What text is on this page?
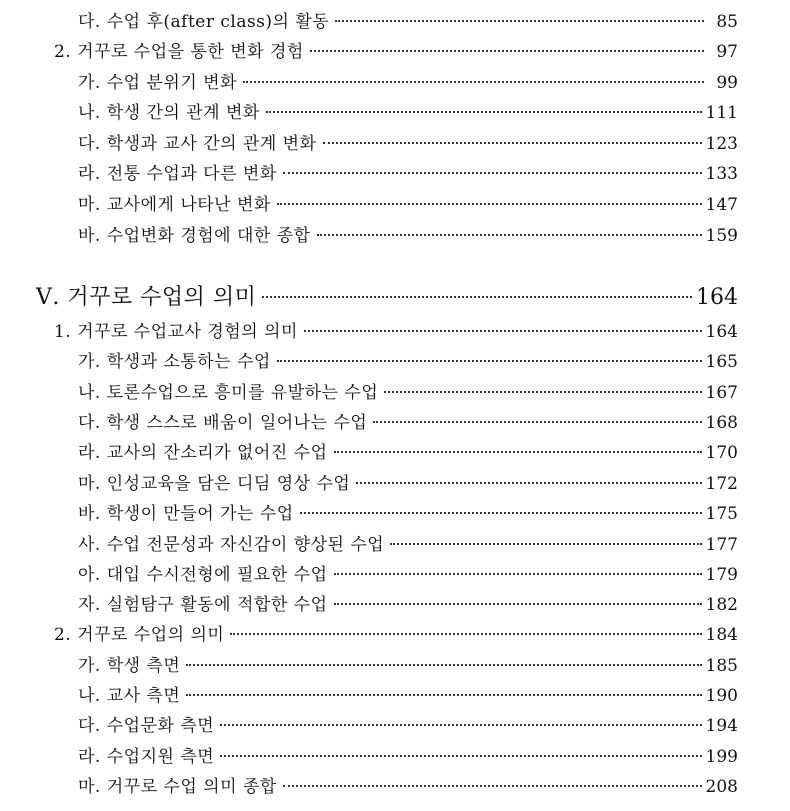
다. 수업 후(after class)의 활동	85
2. 거꾸로 수업을 통한 변화 경험	97
가. 수업 분위기 변화	99
나. 학생 간의 관계 변화	111
다. 학생과 교사 간의 관계 변화	123
라. 전통 수업과 다른 변화	133
마. 교사에게 나타난 변화	147
바. 수업변화 경험에 대한 종합	159
Ⅴ. 거꾸로 수업의 의미	164
1. 거꾸로 수업교사 경험의 의미	164
가. 학생과 소통하는 수업	165
나. 토론수업으로 흥미를 유발하는 수업	167
다. 학생 스스로 배움이 일어나는 수업	168
라. 교사의 잔소리가 없어진 수업	170
마. 인성교육을 담은 디딤 영상 수업	172
바. 학생이 만들어 가는 수업	175
사. 수업 전문성과 자신감이 향상된 수업	177
아. 대입 수시전형에 필요한 수업	179
자. 실험탐구 활동에 적합한 수업	182
2. 거꾸로 수업의 의미	184
가. 학생 측면	185
나. 교사 측면	190
다. 수업문화 측면	194
라. 수업지원 측면	199
마. 거꾸로 수업 의미 종합	208
